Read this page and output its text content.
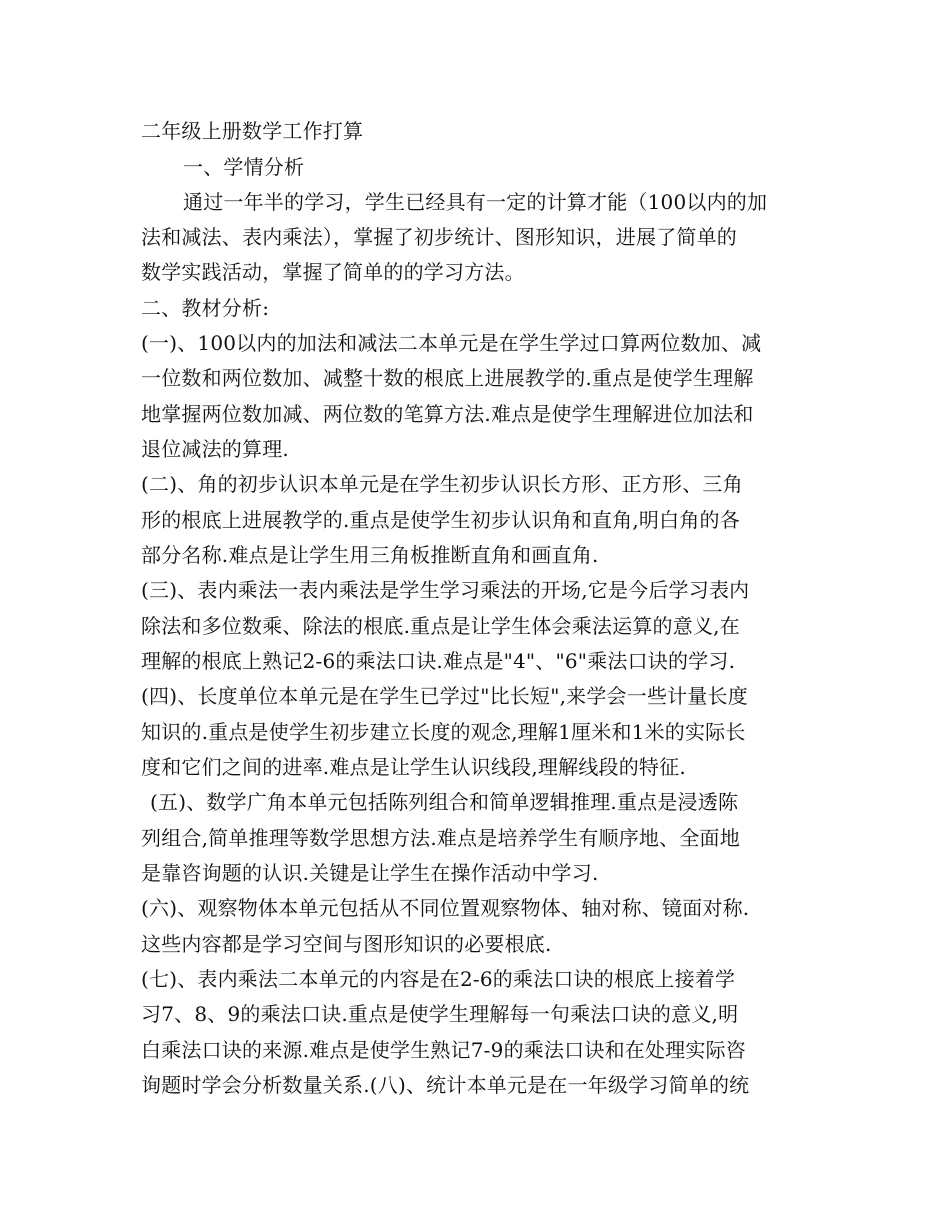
二年级上册数学工作打算
一、学情分析
通过一年半的学习，学生已经具有一定的计算才能（100以内的加
法和减法、表内乘法），掌握了初步统计、图形知识，进展了简单的
数学实践活动，掌握了简单的的学习方法。
二、教材分析:
(一)、100以内的加法和减法二本单元是在学生学过口算两位数加、减
一位数和两位数加、减整十数的根底上进展教学的.重点是使学生理解
地掌握两位数加减、两位数的笔算方法.难点是使学生理解进位加法和
退位减法的算理.
(二)、角的初步认识本单元是在学生初步认识长方形、正方形、三角
形的根底上进展教学的.重点是使学生初步认识角和直角,明白角的各
部分名称.难点是让学生用三角板推断直角和画直角.
(三)、表内乘法一表内乘法是学生学习乘法的开场,它是今后学习表内
除法和多位数乘、除法的根底.重点是让学生体会乘法运算的意义,在
理解的根底上熟记2-6的乘法口诀.难点是"4"、"6"乘法口诀的学习.
(四)、长度单位本单元是在学生已学过"比长短",来学会一些计量长度
知识的.重点是使学生初步建立长度的观念,理解1厘米和1米的实际长
度和它们之间的进率.难点是让学生认识线段,理解线段的特征.
(五)、数学广角本单元包括陈列组合和简单逻辑推理.重点是浸透陈
列组合,简单推理等数学思想方法.难点是培养学生有顺序地、全面地
是靠咨询题的认识.关键是让学生在操作活动中学习.
(六)、观察物体本单元包括从不同位置观察物体、轴对称、镜面对称.
这些内容都是学习空间与图形知识的必要根底.
(七)、表内乘法二本单元的内容是在2-6的乘法口诀的根底上接着学
习7、8、9的乘法口诀.重点是使学生理解每一句乘法口诀的意义,明
白乘法口诀的来源.难点是使学生熟记7-9的乘法口诀和在处理实际咨
询题时学会分析数量关系.(八)、统计本单元是在一年级学习简单的统
